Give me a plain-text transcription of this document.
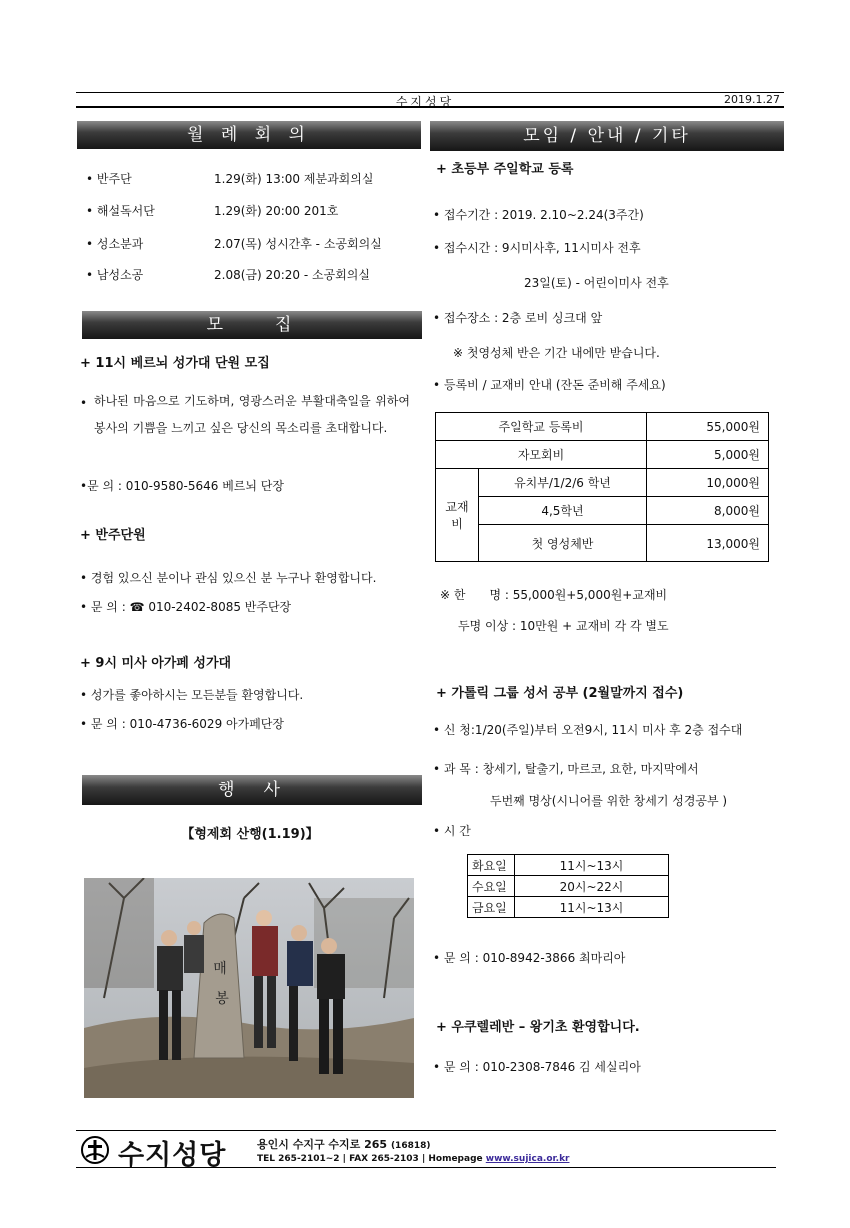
수지성당	2019.1.27
월 례 회 의
• 반주단	1.29(화) 13:00 제분과회의실
• 해설독서단	1.29(화) 20:00 201호
• 성소분과	2.07(목) 성시간후 - 소공회의실
• 남성소공	2.08(금) 20:20 - 소공회의실
모　　집
+ 11시 베르뇌 성가대 단원 모집
• 하나된 마음으로 기도하며, 영광스러운 부활대축일을 위하여 봉사의 기쁨을 느끼고 싶은 당신의 목소리를 초대합니다.
•문 의 : 010-9580-5646 베르뇌 단장
+ 반주단원
• 경험 있으신 분이나 관심 있으신 분 누구나 환영합니다.
• 문 의 : ☎ 010-2402-8085 반주단장
+ 9시 미사 아가페 성가대
• 성가를 좋아하시는 모든분들 환영합니다.
• 문 의 : 010-4736-6029 아가페단장
행　사
【형제회 산행(1.19)】
매
봉
모임 / 안내 / 기타
+ 초등부 주일학교 등록
• 접수기간 : 2019. 2.10~2.24(3주간)
• 접수시간 : 9시미사후, 11시미사 전후
23일(토) - 어린이미사 전후
• 접수장소 : 2층 로비 싱크대 앞
※ 첫영성체 반은 기간 내에만 받습니다.
• 등록비 / 교재비 안내 (잔돈 준비해 주세요)
주일학교 등록비		55,000원
자모회비		5,000원
교재비	유치부/1/2/6 학년	10,000원
	4,5학년	8,000원
	첫 영성체반	13,000원
※ 한　　명 : 55,000원+5,000원+교재비
두명 이상 : 10만원 + 교재비 각 각 별도
+ 가톨릭 그룹 성서 공부 (2월말까지 접수)
• 신 청:1/20(주일)부터 오전9시, 11시 미사 후 2층 접수대
• 과 목 : 창세기, 탈출기, 마르코, 요한, 마지막에서
두번째 명상(시니어를 위한 창세기 성경공부 )
• 시 간
화요일	11시~13시
수요일	20시~22시
금요일	11시~13시
• 문 의 : 010-8942-3866 최마리아
+ 우쿠렐레반 – 왕기초 환영합니다.
• 문 의 : 010-2308-7846 김 세실리아
수지성당	용인시 수지구 수지로 265 (16818)
TEL 265-2101~2 | FAX 265-2103 | Homepage www.sujica.or.kr
